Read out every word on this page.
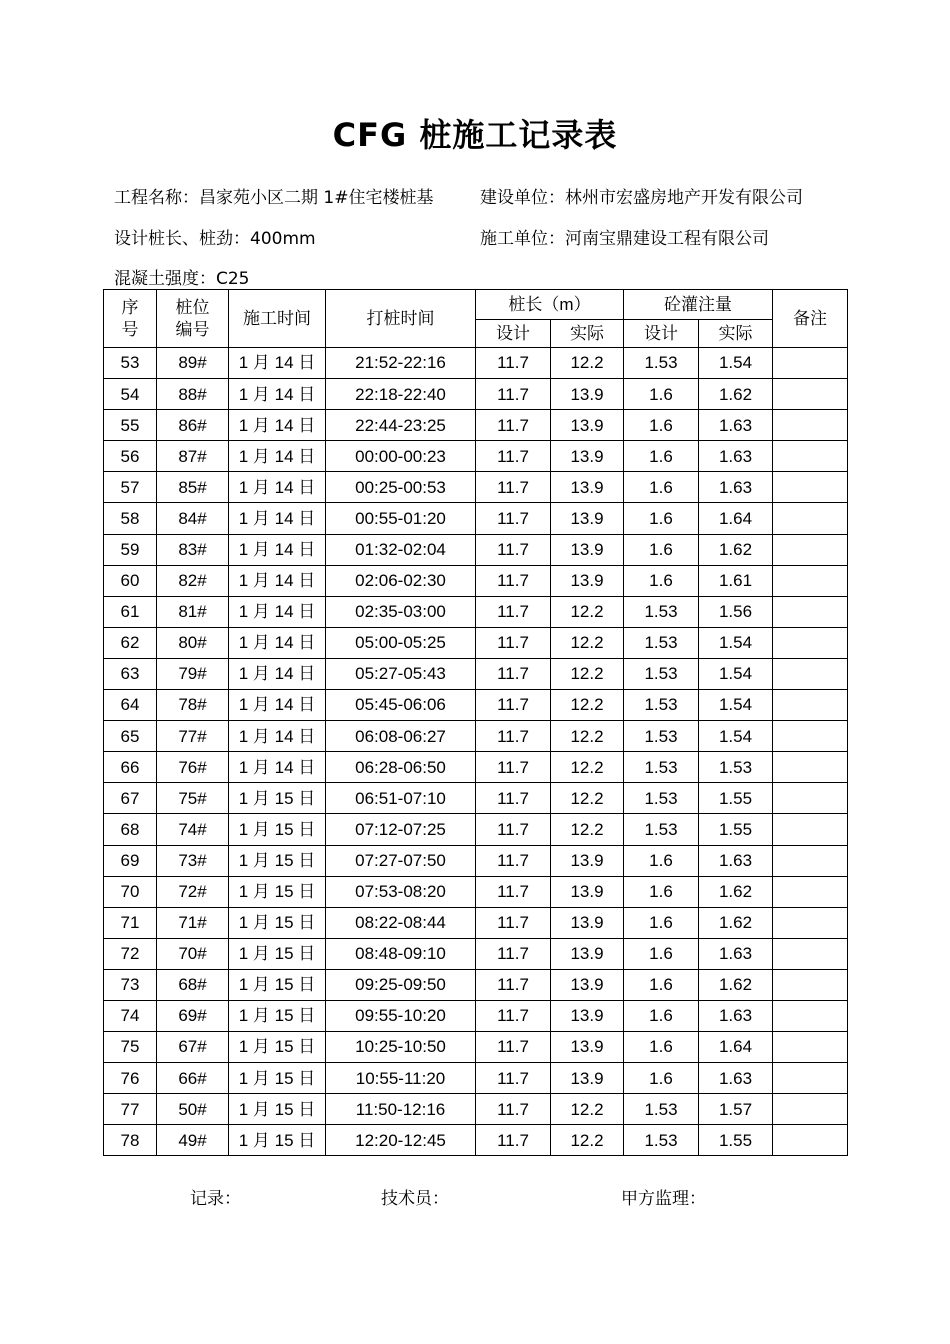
CFG 桩施工记录表
工程名称：昌家苑小区二期 1#住宅楼桩基	建设单位：林州市宏盛房地产开发有限公司
设计桩长、桩劲：400mm	施工单位：河南宝鼎建设工程有限公司
混凝土强度：C25
序号	桩位编号	施工时间	打桩时间	桩长（m）		砼灌注量		备注
				设计	实际	设计	实际	
53	89#	1 月 14 日	21:52-22:16	11.7	12.2	1.53	1.54	
54	88#	1 月 14 日	22:18-22:40	11.7	13.9	1.6	1.62	
55	86#	1 月 14 日	22:44-23:25	11.7	13.9	1.6	1.63	
56	87#	1 月 14 日	00:00-00:23	11.7	13.9	1.6	1.63	
57	85#	1 月 14 日	00:25-00:53	11.7	13.9	1.6	1.63	
58	84#	1 月 14 日	00:55-01:20	11.7	13.9	1.6	1.64	
59	83#	1 月 14 日	01:32-02:04	11.7	13.9	1.6	1.62	
60	82#	1 月 14 日	02:06-02:30	11.7	13.9	1.6	1.61	
61	81#	1 月 14 日	02:35-03:00	11.7	12.2	1.53	1.56	
62	80#	1 月 14 日	05:00-05:25	11.7	12.2	1.53	1.54	
63	79#	1 月 14 日	05:27-05:43	11.7	12.2	1.53	1.54	
64	78#	1 月 14 日	05:45-06:06	11.7	12.2	1.53	1.54	
65	77#	1 月 14 日	06:08-06:27	11.7	12.2	1.53	1.54	
66	76#	1 月 14 日	06:28-06:50	11.7	12.2	1.53	1.53	
67	75#	1 月 15 日	06:51-07:10	11.7	12.2	1.53	1.55	
68	74#	1 月 15 日	07:12-07:25	11.7	12.2	1.53	1.55	
69	73#	1 月 15 日	07:27-07:50	11.7	13.9	1.6	1.63	
70	72#	1 月 15 日	07:53-08:20	11.7	13.9	1.6	1.62	
71	71#	1 月 15 日	08:22-08:44	11.7	13.9	1.6	1.62	
72	70#	1 月 15 日	08:48-09:10	11.7	13.9	1.6	1.63	
73	68#	1 月 15 日	09:25-09:50	11.7	13.9	1.6	1.62	
74	69#	1 月 15 日	09:55-10:20	11.7	13.9	1.6	1.63	
75	67#	1 月 15 日	10:25-10:50	11.7	13.9	1.6	1.64	
76	66#	1 月 15 日	10:55-11:20	11.7	13.9	1.6	1.63	
77	50#	1 月 15 日	11:50-12:16	11.7	12.2	1.53	1.57	
78	49#	1 月 15 日	12:20-12:45	11.7	12.2	1.53	1.55	
记录：	技术员：	甲方监理：
